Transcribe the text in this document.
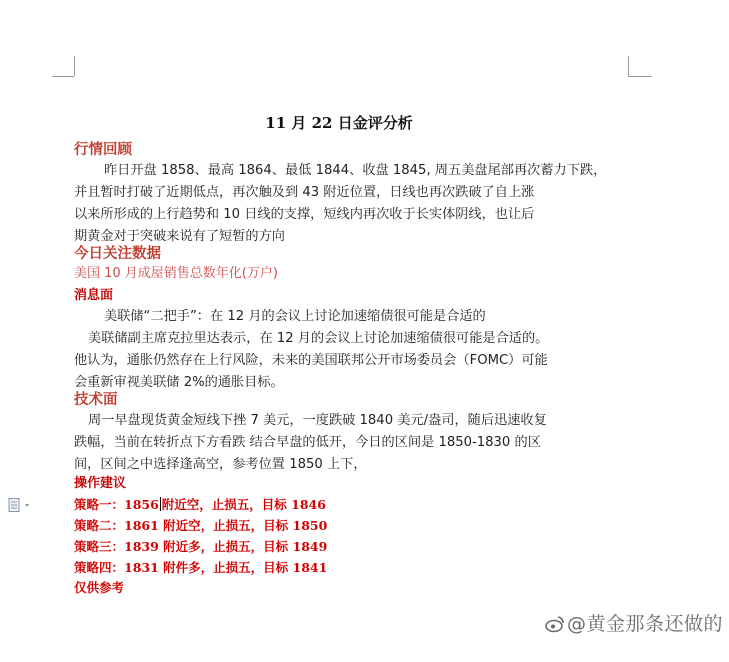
11 月 22 日金评分析
行情回顾
昨日开盘 1858、最高 1864、最低 1844、收盘 1845, 周五美盘尾部再次蓄力下跌，
并且暂时打破了近期低点，再次触及到 43 附近位置，日线也再次跌破了自上涨
以来所形成的上行趋势和 10 日线的支撑，短线内再次收于长实体阴线，也让后
期黄金对于突破来说有了短暂的方向
今日关注数据
美国 10 月成屋销售总数年化(万户)
消息面
美联储“二把手”：在 12 月的会议上讨论加速缩债很可能是合适的
美联储副主席克拉里达表示，在 12 月的会议上讨论加速缩债很可能是合适的。
他认为，通胀仍然存在上行风险，未来的美国联邦公开市场委员会（FOMC）可能
会重新审视美联储 2%的通胀目标。
技术面
周一早盘现货黄金短线下挫 7 美元，一度跌破 1840 美元/盎司，随后迅速收复
跌幅，当前在转折点下方看跌 结合早盘的低开，今日的区间是 1850-1830 的区
间，区间之中选择逢高空，参考位置 1850 上下，
操作建议
策略一：1856 附近空，止损五，目标 1846
策略二：1861 附近空，止损五，目标 1850
策略三：1839 附近多，止损五，目标 1849
策略四：1831 附件多，止损五，目标 1841
仅供参考
@黄金那条还做的
